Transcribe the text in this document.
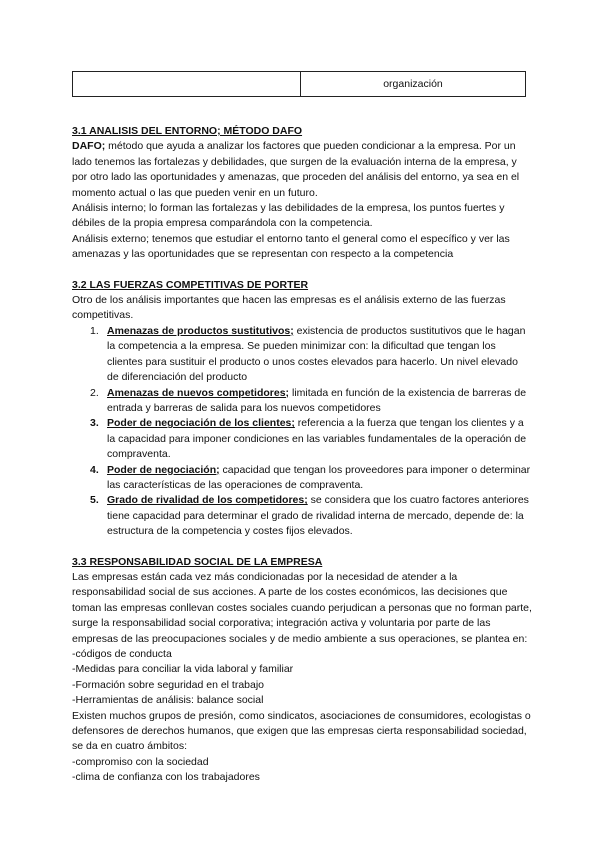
organización

3.1 ANALISIS DEL ENTORNO; MÉTODO DAFO

DAFO; método que ayuda a analizar los factores que pueden condicionar a la empresa. Por un lado tenemos las fortalezas y debilidades, que surgen de la evaluación interna de la empresa, y por otro lado las oportunidades y amenazas, que proceden del análisis del entorno, ya sea en el momento actual o las que pueden venir en un futuro.

Análisis interno; lo forman las fortalezas y las debilidades de la empresa, los puntos fuertes y débiles de la propia empresa comparándola con la competencia.

Análisis externo; tenemos que estudiar el entorno tanto el general como el específico y ver las amenazas y las oportunidades que se representan con respecto a la competencia

3.2 LAS FUERZAS COMPETITIVAS DE PORTER

Otro de los análisis importantes que hacen las empresas es el análisis externo de las fuerzas competitivas.

1. Amenazas de productos sustitutivos; existencia de productos sustitutivos que le hagan la competencia a la empresa. Se pueden minimizar con: la dificultad que tengan los clientes para sustituir el producto o unos costes elevados para hacerlo. Un nivel elevado de diferenciación del producto
2. Amenazas de nuevos competidores; limitada en función de la existencia de barreras de entrada y barreras de salida para los nuevos competidores
3. Poder de negociación de los clientes; referencia a la fuerza que tengan los clientes y a la capacidad para imponer condiciones en las variables fundamentales de la operación de compraventa.
4. Poder de negociación; capacidad que tengan los proveedores para imponer o determinar las características de las operaciones de compraventa.
5. Grado de rivalidad de los competidores; se considera que los cuatro factores anteriores tiene capacidad para determinar el grado de rivalidad interna de mercado, depende de: la estructura de la competencia y costes fijos elevados.

3.3 RESPONSABILIDAD SOCIAL DE LA EMPRESA

Las empresas están cada vez más condicionadas por la necesidad de atender a la responsabilidad social de sus acciones. A parte de los costes económicos, las decisiones que toman las empresas conllevan costes sociales cuando perjudican a personas que no forman parte, surge la responsabilidad social corporativa; integración activa y voluntaria por parte de las empresas de las preocupaciones sociales y de medio ambiente a sus operaciones, se plantea en:

-códigos de conducta

-Medidas para conciliar la vida laboral y familiar

-Formación sobre seguridad en el trabajo

-Herramientas de análisis: balance social

Existen muchos grupos de presión, como sindicatos, asociaciones de consumidores, ecologistas o defensores de derechos humanos, que exigen que las empresas cierta responsabilidad sociedad, se da en cuatro ámbitos:

-compromiso con la sociedad

-clima de confianza con los trabajadores
